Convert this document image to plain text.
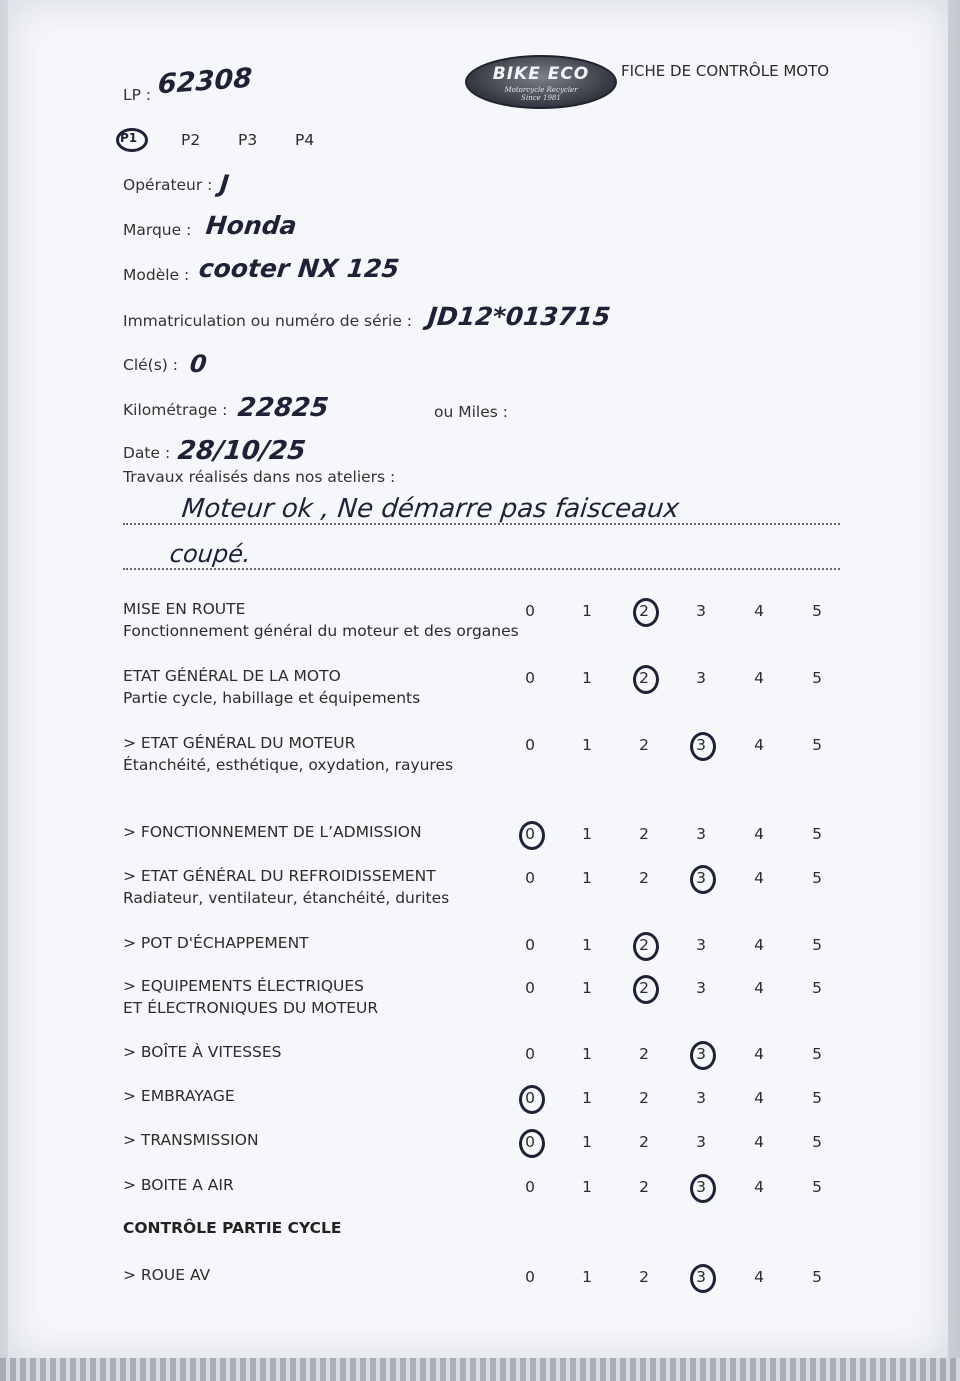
BIKE ECO
Motorcycle Recycler
Since 1981
FICHE DE CONTRÔLE MOTO
LP : 62308
P1	P2 P3 P4
Opérateur : J
Marque : Honda
Modèle : cooter NX 125
Immatriculation ou numéro de série : JD12*013715
Clé(s) : 0
Kilométrage : 22825	ou Miles :
Date : 28/10/25
Travaux réalisés dans nos ateliers :
Moteur ok , Ne démarre pas faisceaux
coupé.
MISE EN ROUTE
Fonctionnement général du moteur et des organes
0	1	2	3	4	5
ETAT GÉNÉRAL DE LA MOTO
Partie cycle, habillage et équipements
0	1	2	3	4	5
> ETAT GÉNÉRAL DU MOTEUR
Étanchéité, esthétique, oxydation, rayures
0	1	2	3	4	5
> FONCTIONNEMENT DE L’ADMISSION	0	1	2	3	4	5
> ETAT GÉNÉRAL DU REFROIDISSEMENT
Radiateur, ventilateur, étanchéité, durites
0	1	2	3	4	5
> POT D'ÉCHAPPEMENT	0	1	2	3	4	5
> EQUIPEMENTS ÉLECTRIQUES
ET ÉLECTRONIQUES DU MOTEUR
0	1	2	3	4	5
> BOÎTE À VITESSES	0	1	2	3	4	5
> EMBRAYAGE	0	1	2	3	4	5
> TRANSMISSION	0	1	2	3	4	5
> BOITE A AIR	0	1	2	3	4	5
> ROUE AV	0	1	2	3	4	5
CONTRÔLE PARTIE CYCLE
